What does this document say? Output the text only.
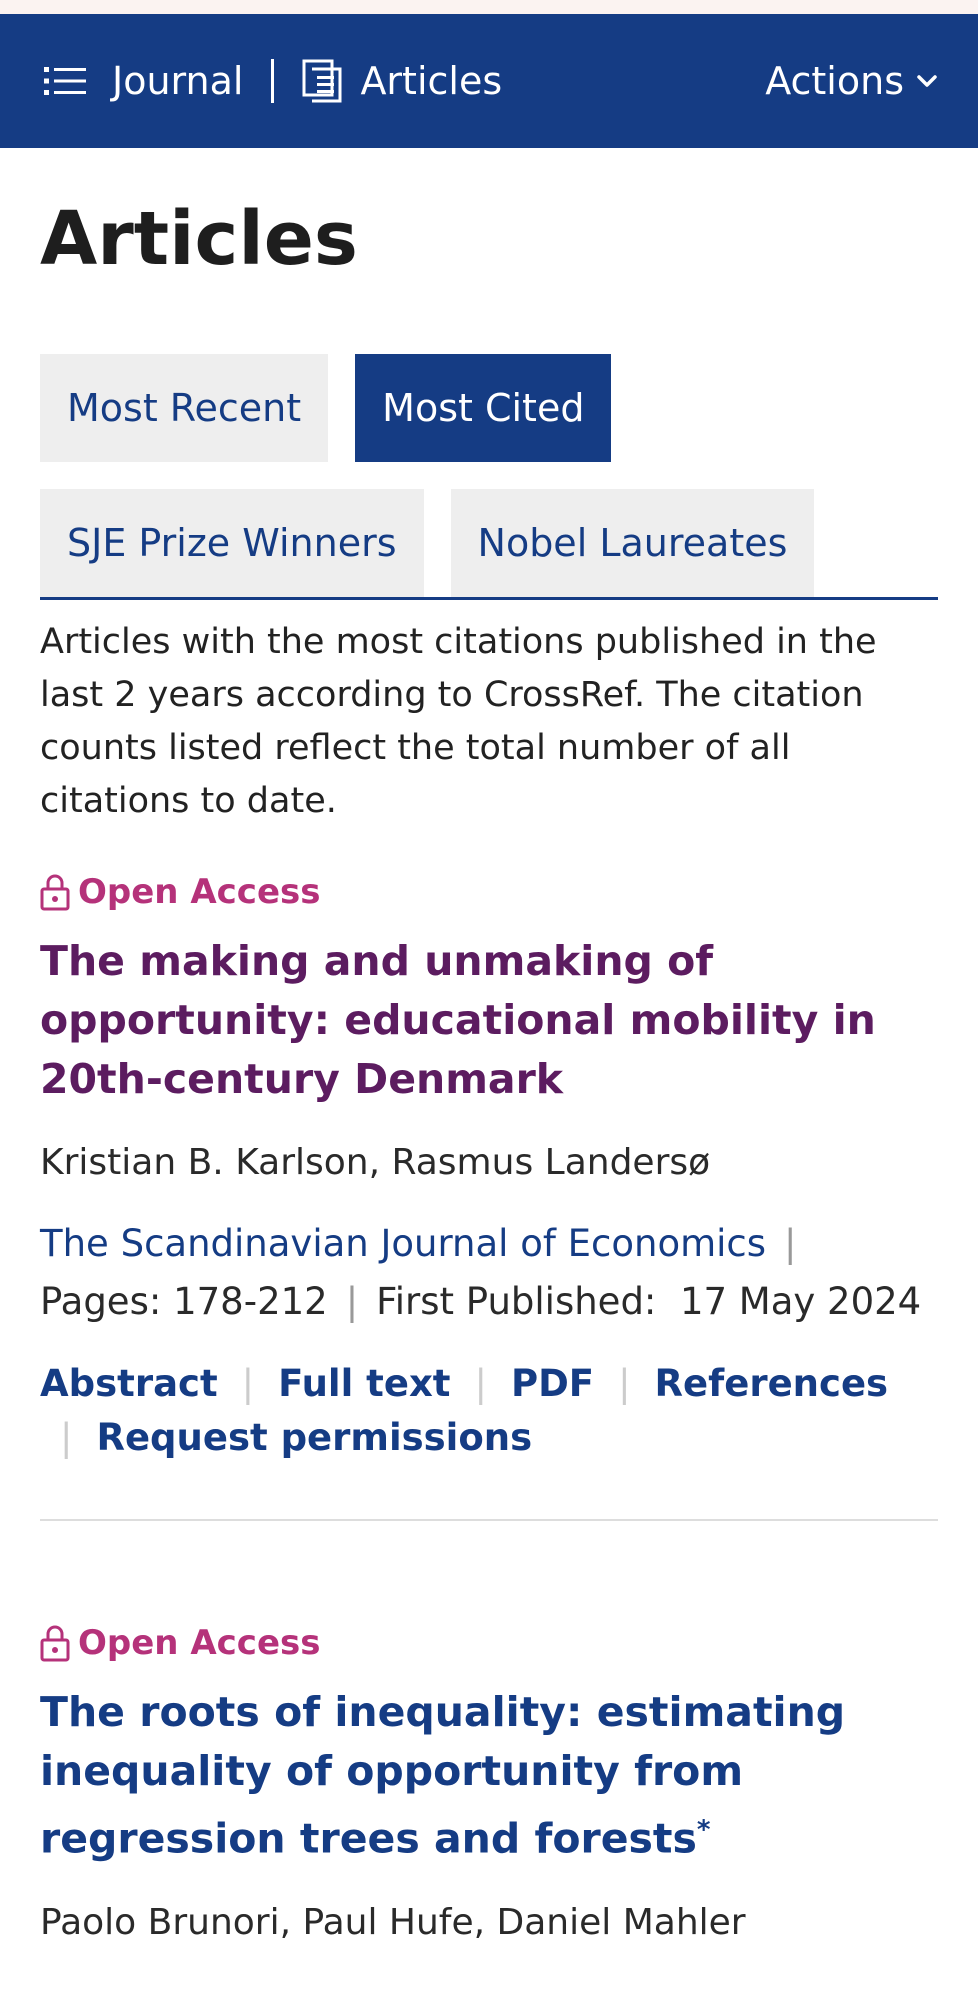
Journal	Articles	Actions
Articles
Most Recent	Most Cited
SJE Prize Winners	Nobel Laureates

Articles with the most citations published in the last 2 years according to CrossRef. The citation counts listed reflect the total number of all citations to date.

Open Access
The making and unmaking of opportunity: educational mobility in 20th-century Denmark
Kristian B. Karlson, Rasmus Landersø
The Scandinavian Journal of Economics |
Pages: 178-212 | First Published: 17 May 2024
Abstract | Full text | PDF | References
| Request permissions
Open Access
The roots of inequality: estimating inequality of opportunity from regression trees and forests*
Paolo Brunori, Paul Hufe, Daniel Mahler
